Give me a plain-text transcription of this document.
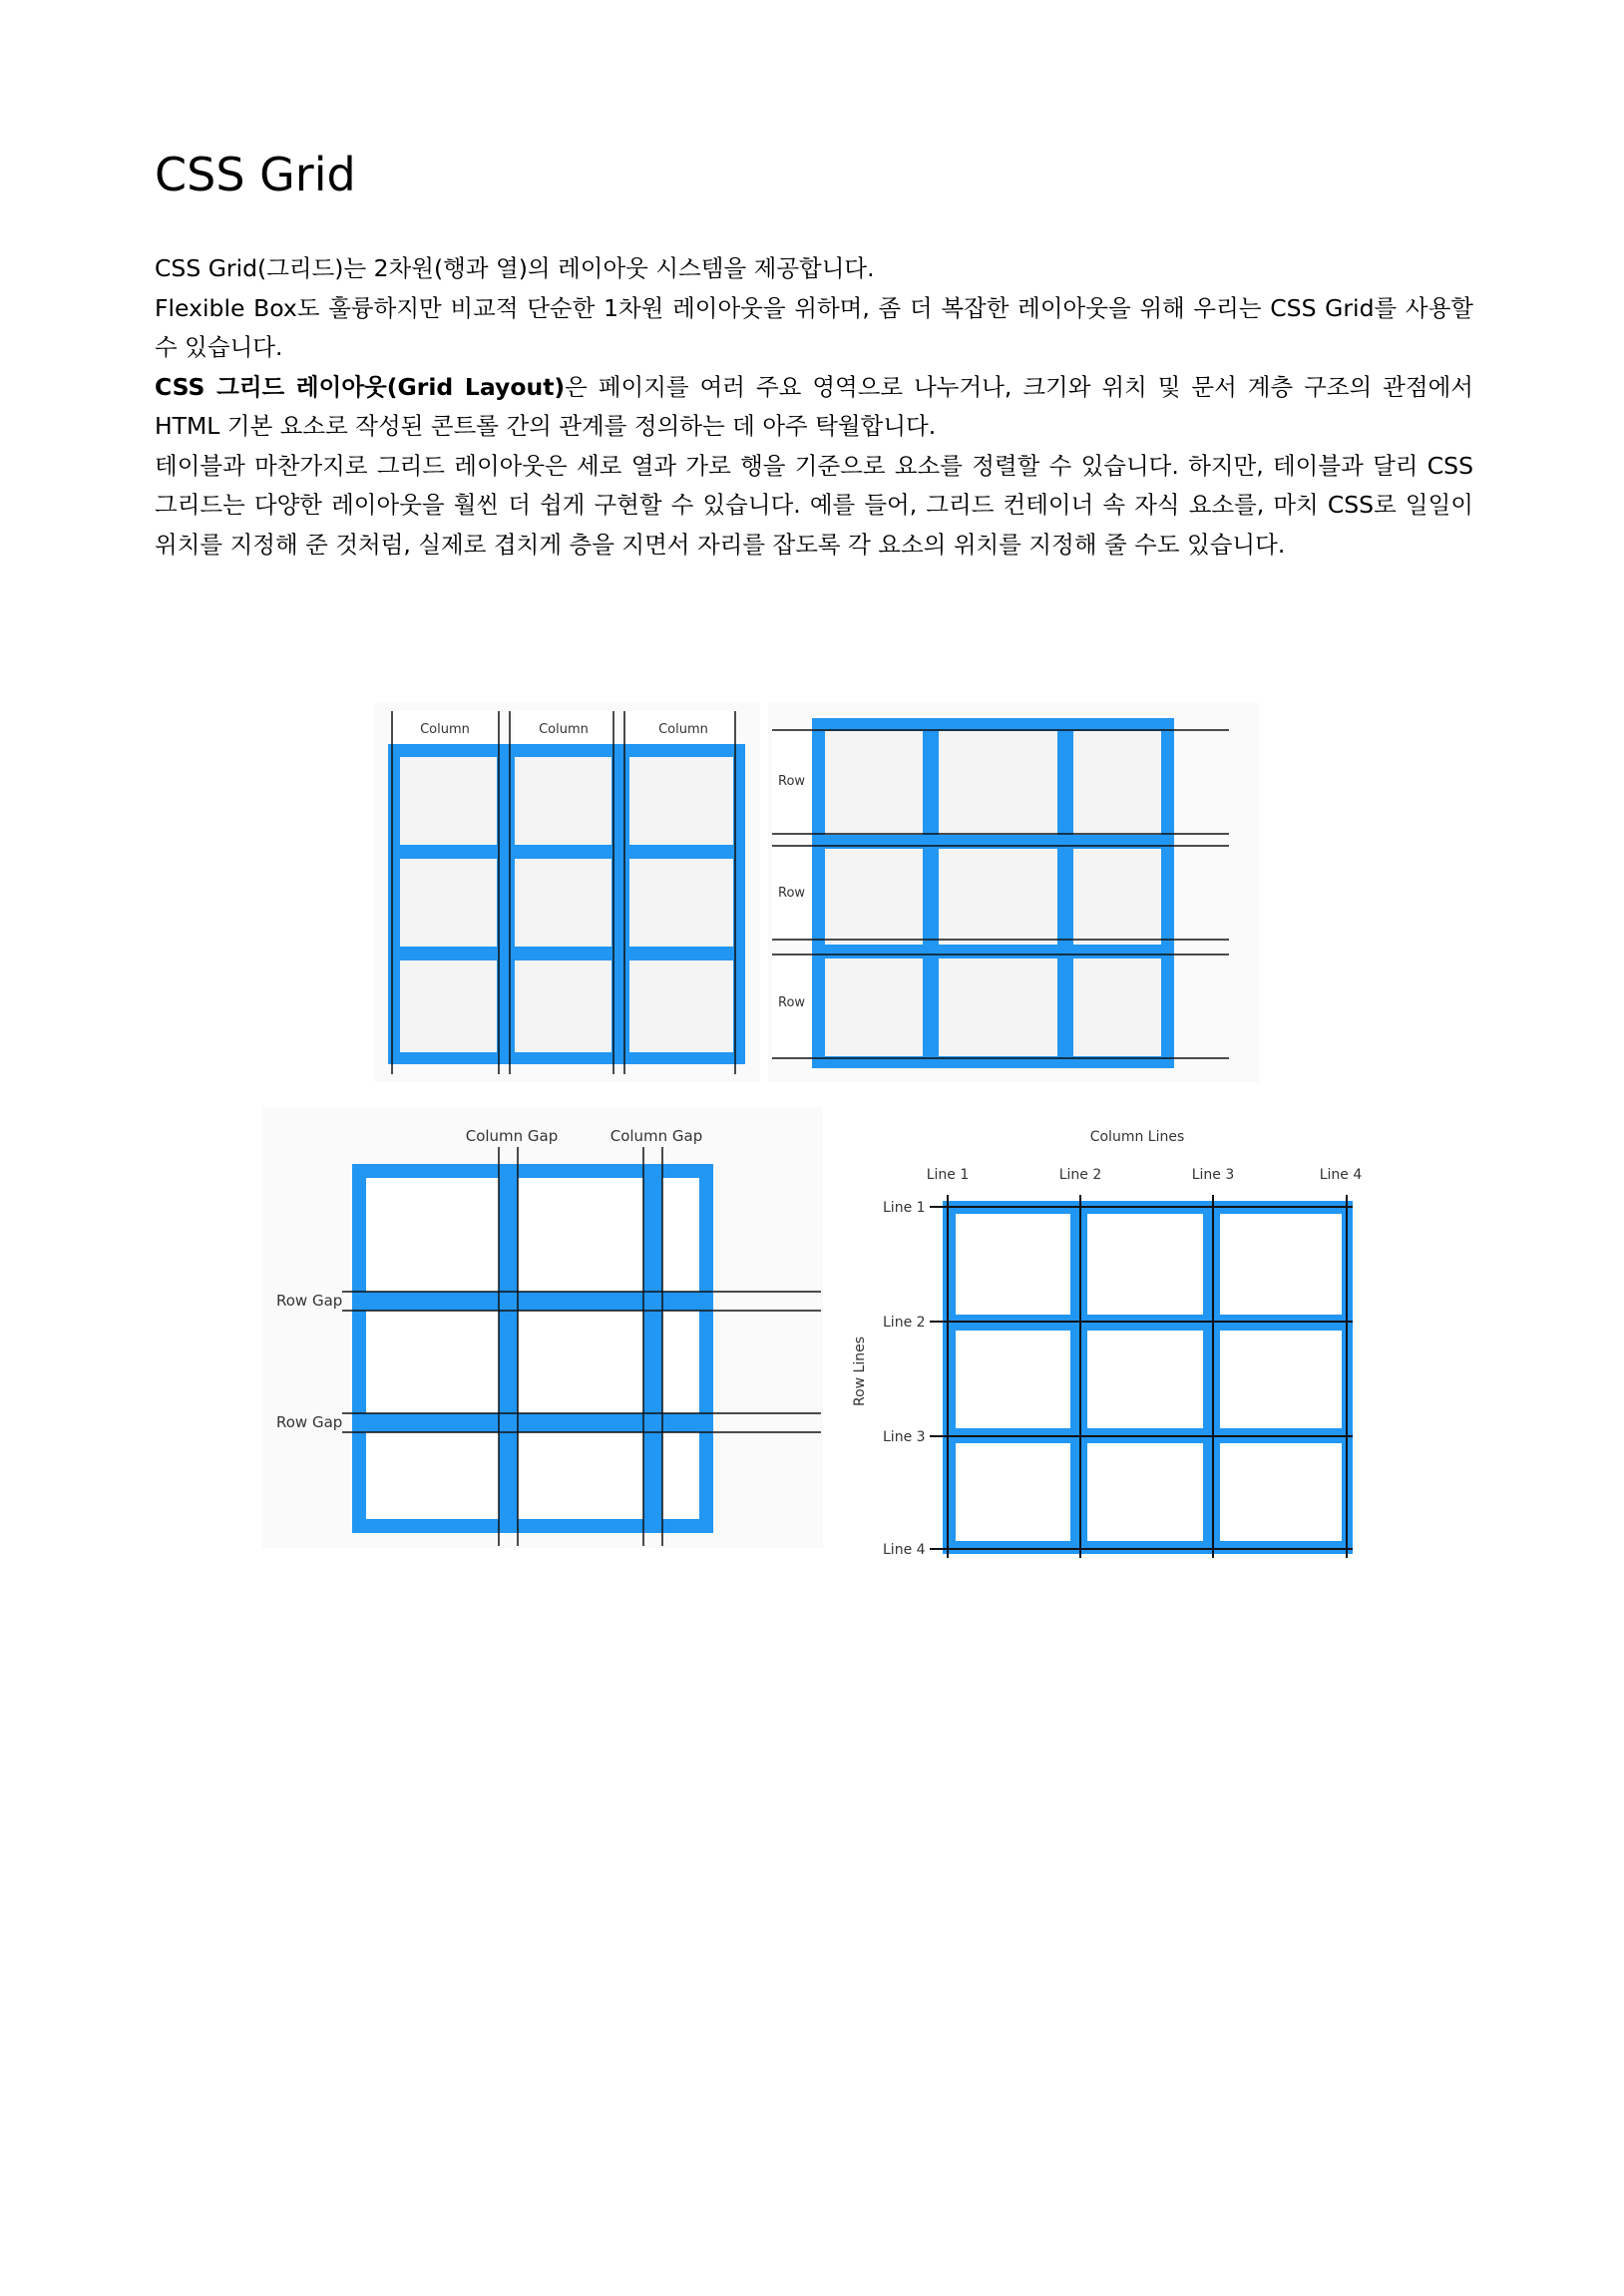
CSS Grid

CSS Grid(그리드)는 2차원(행과 열)의 레이아웃 시스템을 제공합니다.

Flexible Box도 훌륭하지만 비교적 단순한 1차원 레이아웃을 위하며, 좀 더 복잡한 레이아웃을 위해 우리는 CSS Grid를 사용할 수 있습니다.

CSS 그리드 레이아웃(Grid Layout)은 페이지를 여러 주요 영역으로 나누거나, 크기와 위치 및 문서 계층 구조의 관점에서 HTML 기본 요소로 작성된 콘트롤 간의 관계를 정의하는 데 아주 탁월합니다.

테이블과 마찬가지로 그리드 레이아웃은 세로 열과 가로 행을 기준으로 요소를 정렬할 수 있습니다. 하지만, 테이블과 달리 CSS 그리드는 다양한 레이아웃을 훨씬 더 쉽게 구현할 수 있습니다. 예를 들어, 그리드 컨테이너 속 자식 요소를, 마치 CSS로 일일이 위치를 지정해 준 것처럼, 실제로 겹치게 층을 지면서 자리를 잡도록 각 요소의 위치를 지정해 줄 수도 있습니다.

Column	Column	Column
Row
Row
Row
Column Gap	Column Gap
Row Gap
Row Gap
Column Lines
Line 1	Line 2	Line 3	Line 4
Line 1
Line 2
Line 3
Line 4
Row Lines
